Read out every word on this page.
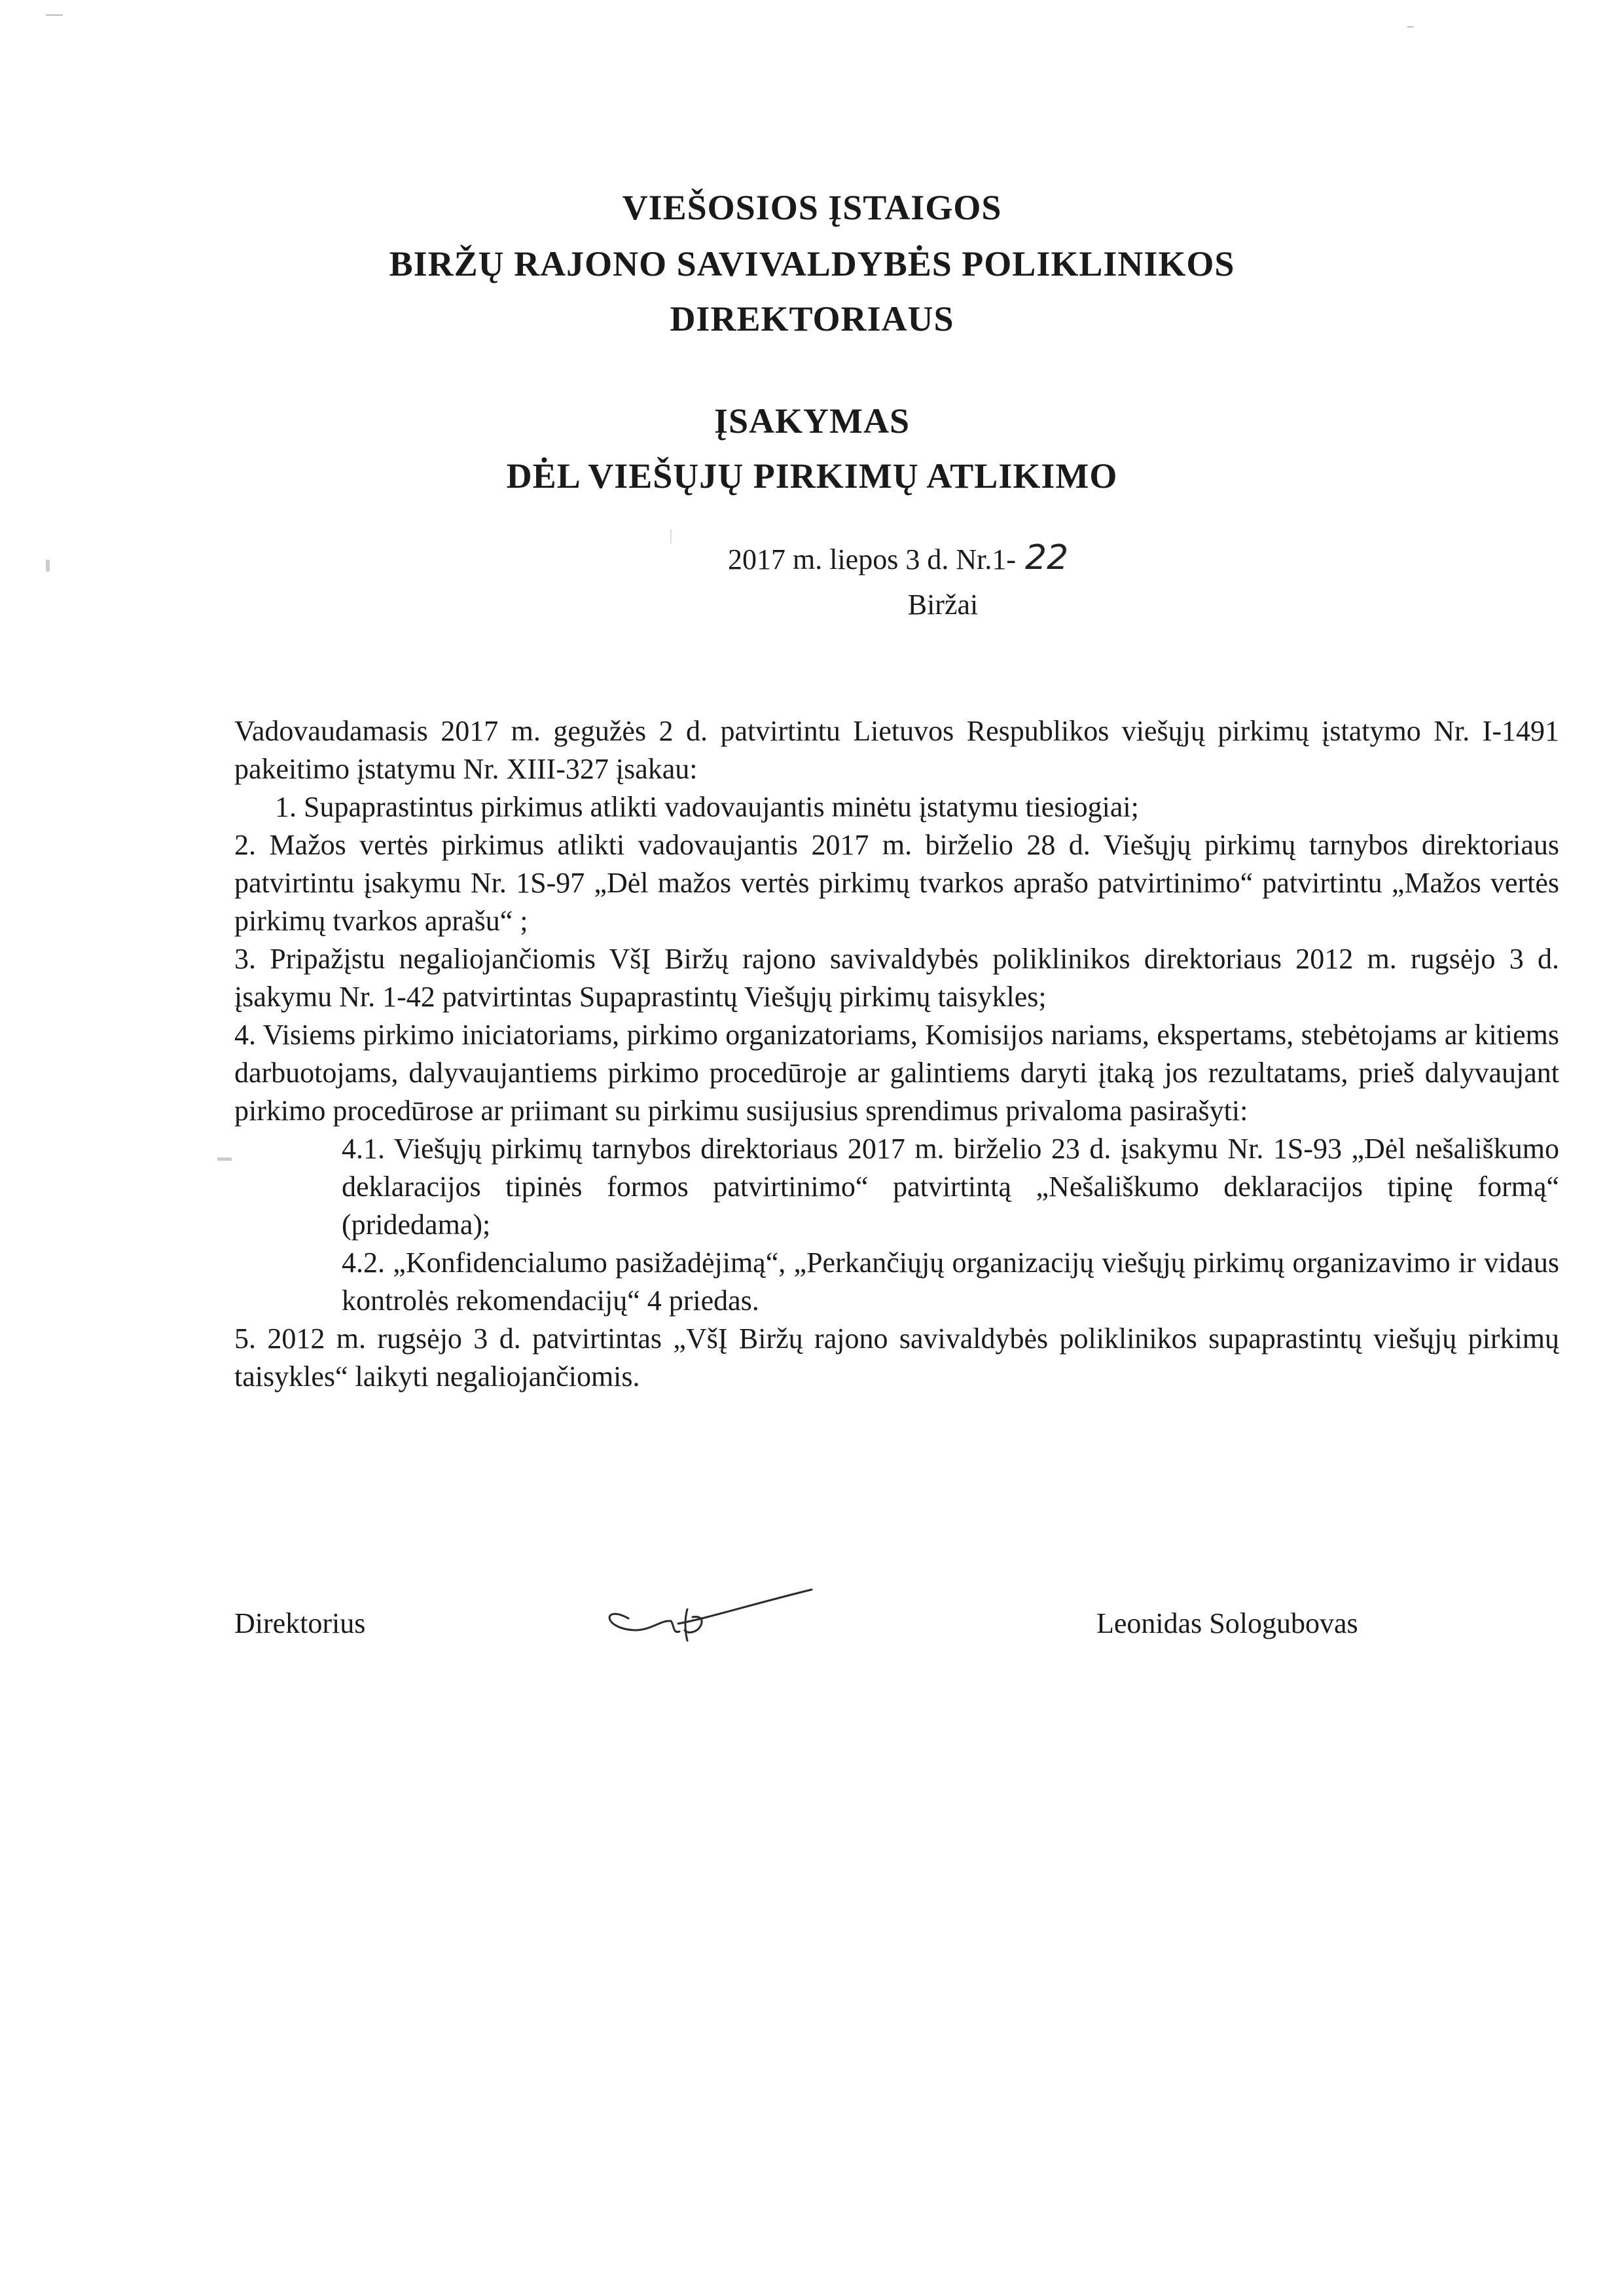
VIEŠOSIOS ĮSTAIGOS
BIRŽŲ RAJONO SAVIVALDYBĖS POLIKLINIKOS
DIREKTORIAUS
ĮSAKYMAS
DĖL VIEŠŲJŲ PIRKIMŲ ATLIKIMO
2017 m. liepos 3 d. Nr.1- 22
Biržai

Vadovaudamasis 2017 m. gegužės 2 d. patvirtintu Lietuvos Respublikos viešųjų pirkimų įstatymo Nr. I-1491 pakeitimo įstatymu Nr. XIII-327 įsakau:

1. Supaprastintus pirkimus atlikti vadovaujantis minėtu įstatymu tiesiogiai;

2. Mažos vertės pirkimus atlikti vadovaujantis 2017 m. birželio 28 d. Viešųjų pirkimų tarnybos direktoriaus patvirtintu įsakymu Nr. 1S-97 „Dėl mažos vertės pirkimų tvarkos aprašo patvirtinimo“ patvirtintu „Mažos vertės pirkimų tvarkos aprašu“ ;

3. Pripažįstu negaliojančiomis VšĮ Biržų rajono savivaldybės poliklinikos direktoriaus 2012 m. rugsėjo 3 d. įsakymu Nr. 1-42 patvirtintas Supaprastintų Viešųjų pirkimų taisykles;

4. Visiems pirkimo iniciatoriams, pirkimo organizatoriams, Komisijos nariams, ekspertams, stebėtojams ar kitiems darbuotojams, dalyvaujantiems pirkimo procedūroje ar galintiems daryti įtaką jos rezultatams, prieš dalyvaujant pirkimo procedūrose ar priimant su pirkimu susijusius sprendimus privaloma pasirašyti:

4.1. Viešųjų pirkimų tarnybos direktoriaus 2017 m. birželio 23 d. įsakymu Nr. 1S-93 „Dėl nešališkumo deklaracijos tipinės formos patvirtinimo“ patvirtintą „Nešališkumo deklaracijos tipinę formą“ (pridedama);

4.2. „Konfidencialumo pasižadėjimą“, „Perkančiųjų organizacijų viešųjų pirkimų organizavimo ir vidaus kontrolės rekomendacijų“ 4 priedas.

5. 2012 m. rugsėjo 3 d. patvirtintas „VšĮ Biržų rajono savivaldybės poliklinikos supaprastintų viešųjų pirkimų taisykles“ laikyti negaliojančiomis.

Direktorius	Leonidas Sologubovas
